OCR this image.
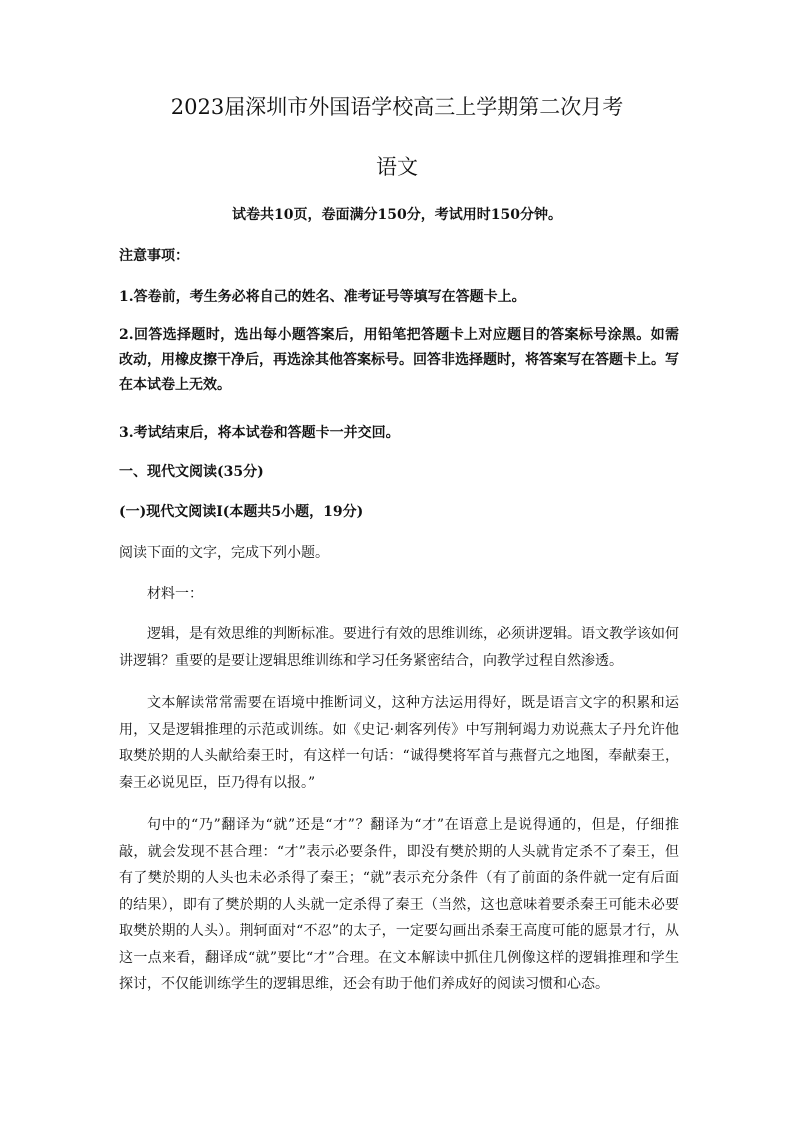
2023届深圳市外国语学校高三上学期第二次月考
语文
试卷共10页，卷面满分150分，考试用时150分钟。
注意事项：
1.答卷前，考生务必将自己的姓名、准考证号等填写在答题卡上。

2.回答选择题时，选出每小题答案后，用铅笔把答题卡上对应题目的答案标号涂黑。如需改动，用橡皮擦干净后，再选涂其他答案标号。回答非选择题时，将答案写在答题卡上。写在本试卷上无效。

3.考试结束后，将本试卷和答题卡一并交回。
一、现代文阅读(35分)
(一)现代文阅读Ⅰ(本题共5小题，19分)
阅读下面的文字，完成下列小题。
材料一：

逻辑，是有效思维的判断标准。要进行有效的思维训练，必须讲逻辑。语文教学该如何讲逻辑？重要的是要让逻辑思维训练和学习任务紧密结合，向教学过程自然渗透。

文本解读常常需要在语境中推断词义，这种方法运用得好，既是语言文字的积累和运用，又是逻辑推理的示范或训练。如《史记·刺客列传》中写荆轲竭力劝说燕太子丹允许他取樊於期的人头献给秦王时，有这样一句话：“诚得樊将军首与燕督亢之地图，奉献秦王，秦王必说见臣，臣乃得有以报。”

句中的“乃”翻译为“就”还是“才”？翻译为“才”在语意上是说得通的，但是，仔细推敲，就会发现不甚合理：“才”表示必要条件，即没有樊於期的人头就肯定杀不了秦王，但有了樊於期的人头也未必杀得了秦王；“就”表示充分条件（有了前面的条件就一定有后面的结果），即有了樊於期的人头就一定杀得了秦王（当然，这也意味着要杀秦王可能未必要取樊於期的人头）。荆轲面对“不忍”的太子，一定要勾画出杀秦王高度可能的愿景才行，从这一点来看，翻译成“就”要比“才”合理。在文本解读中抓住几例像这样的逻辑推理和学生探讨，不仅能训练学生的逻辑思维，还会有助于他们养成好的阅读习惯和心态。
